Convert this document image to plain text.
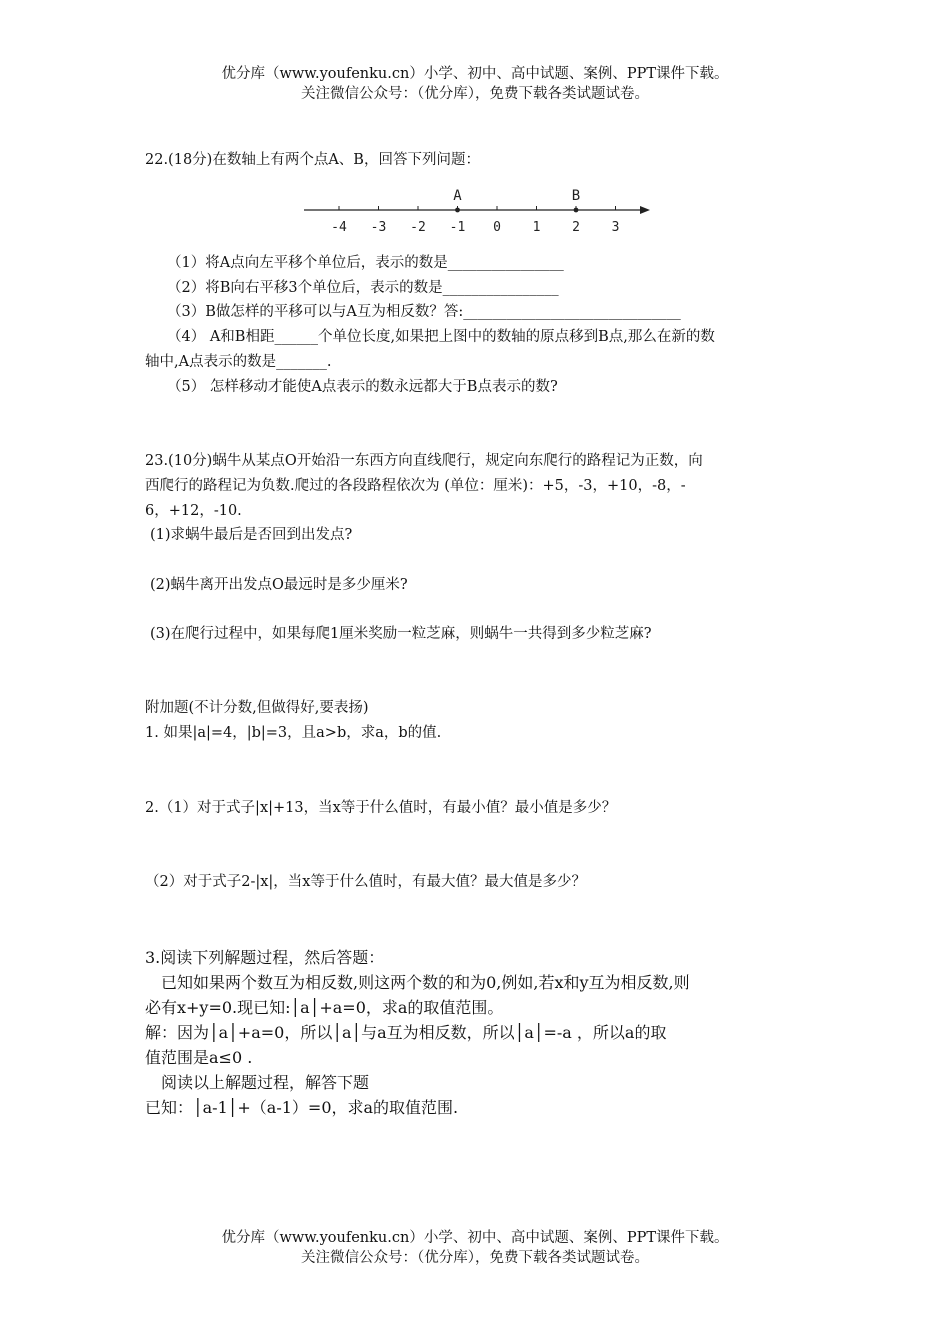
优分库（www.youfenku.cn）小学、初中、高中试题、案例、PPT课件下载。
关注微信公众号：（优分库），免费下载各类试题试卷。
22.(18分)在数轴上有两个点A、B，回答下列问题：
-4 -3 -2 -1 0 1 2 3
A	B
（1）将A点向左平移个单位后，表示的数是________________
（2）将B向右平移3个单位后，表示的数是________________
（3）B做怎样的平移可以与A互为相反数？答:______________________________
（4） A和B相距______个单位长度,如果把上图中的数轴的原点移到B点,那么在新的数
轴中,A点表示的数是_______.
（5） 怎样移动才能使A点表示的数永远都大于B点表示的数?
23.(10分)蜗牛从某点O开始沿一东西方向直线爬行，规定向东爬行的路程记为正数，向
西爬行的路程记为负数.爬过的各段路程依次为 (单位：厘米)：+5，-3，+10，-8，-
6，+12，-10.
(1)求蜗牛最后是否回到出发点?
(2)蜗牛离开出发点O最远时是多少厘米?
(3)在爬行过程中，如果每爬1厘米奖励一粒芝麻，则蜗牛一共得到多少粒芝麻?
附加题(不计分数,但做得好,要表扬)
1. 如果|a|=4，|b|=3，且a>b，求a，b的值.
2.（1）对于式子|x|+13，当x等于什么值时，有最小值？最小值是多少？
（2）对于式子2-|x|，当x等于什么值时，有最大值？最大值是多少？
3.阅读下列解题过程，然后答题：
已知如果两个数互为相反数,则这两个数的和为0,例如,若x和y互为相反数,则
必有x+y=0.现已知:│a│+a=0，求a的取值范围。
解：因为│a│+a=0，所以│a│与a互为相反数，所以│a│=-a ，所以a的取
值范围是a≤0 .
阅读以上解题过程，解答下题
已知：│a-1│+（a-1）=0，求a的取值范围.
优分库（www.youfenku.cn）小学、初中、高中试题、案例、PPT课件下载。
关注微信公众号：（优分库），免费下载各类试题试卷。
